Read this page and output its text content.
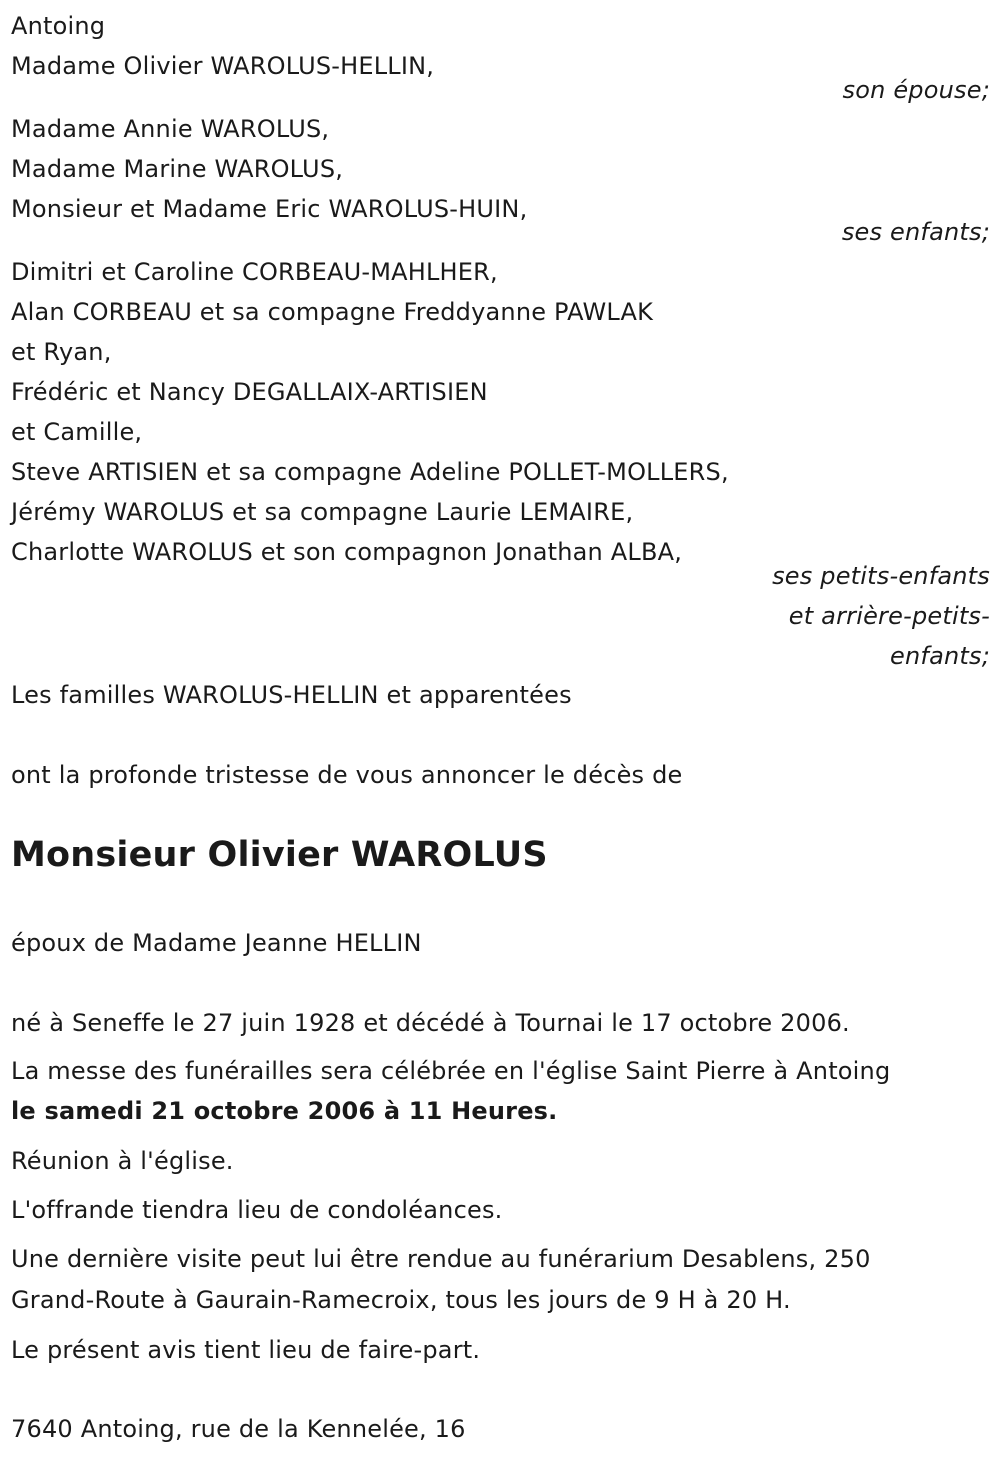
Antoing
Madame Olivier WAROLUS-HELLIN,
son épouse;
Madame Annie WAROLUS,
Madame Marine WAROLUS,
Monsieur et Madame Eric WAROLUS-HUIN,
ses enfants;
Dimitri et Caroline CORBEAU-MAHLHER,
Alan CORBEAU et sa compagne Freddyanne PAWLAK
et Ryan,
Frédéric et Nancy DEGALLAIX-ARTISIEN
et Camille,
Steve ARTISIEN et sa compagne Adeline POLLET-MOLLERS,
Jérémy WAROLUS et sa compagne Laurie LEMAIRE,
Charlotte WAROLUS et son compagnon Jonathan ALBA,
ses petits-enfants
et arrière-petits-
enfants;
Les familles WAROLUS-HELLIN et apparentées
ont la profonde tristesse de vous annoncer le décès de
Monsieur Olivier WAROLUS
époux de Madame Jeanne HELLIN
né à Seneffe le 27 juin 1928 et décédé à Tournai le 17 octobre 2006.
La messe des funérailles sera célébrée en l'église Saint Pierre à Antoing
le samedi 21 octobre 2006 à 11 Heures.
Réunion à l'église.
L'offrande tiendra lieu de condoléances.
Une dernière visite peut lui être rendue au funérarium Desablens, 250
Grand-Route à Gaurain-Ramecroix, tous les jours de 9 H à 20 H.
Le présent avis tient lieu de faire-part.
7640 Antoing, rue de la Kennelée, 16
